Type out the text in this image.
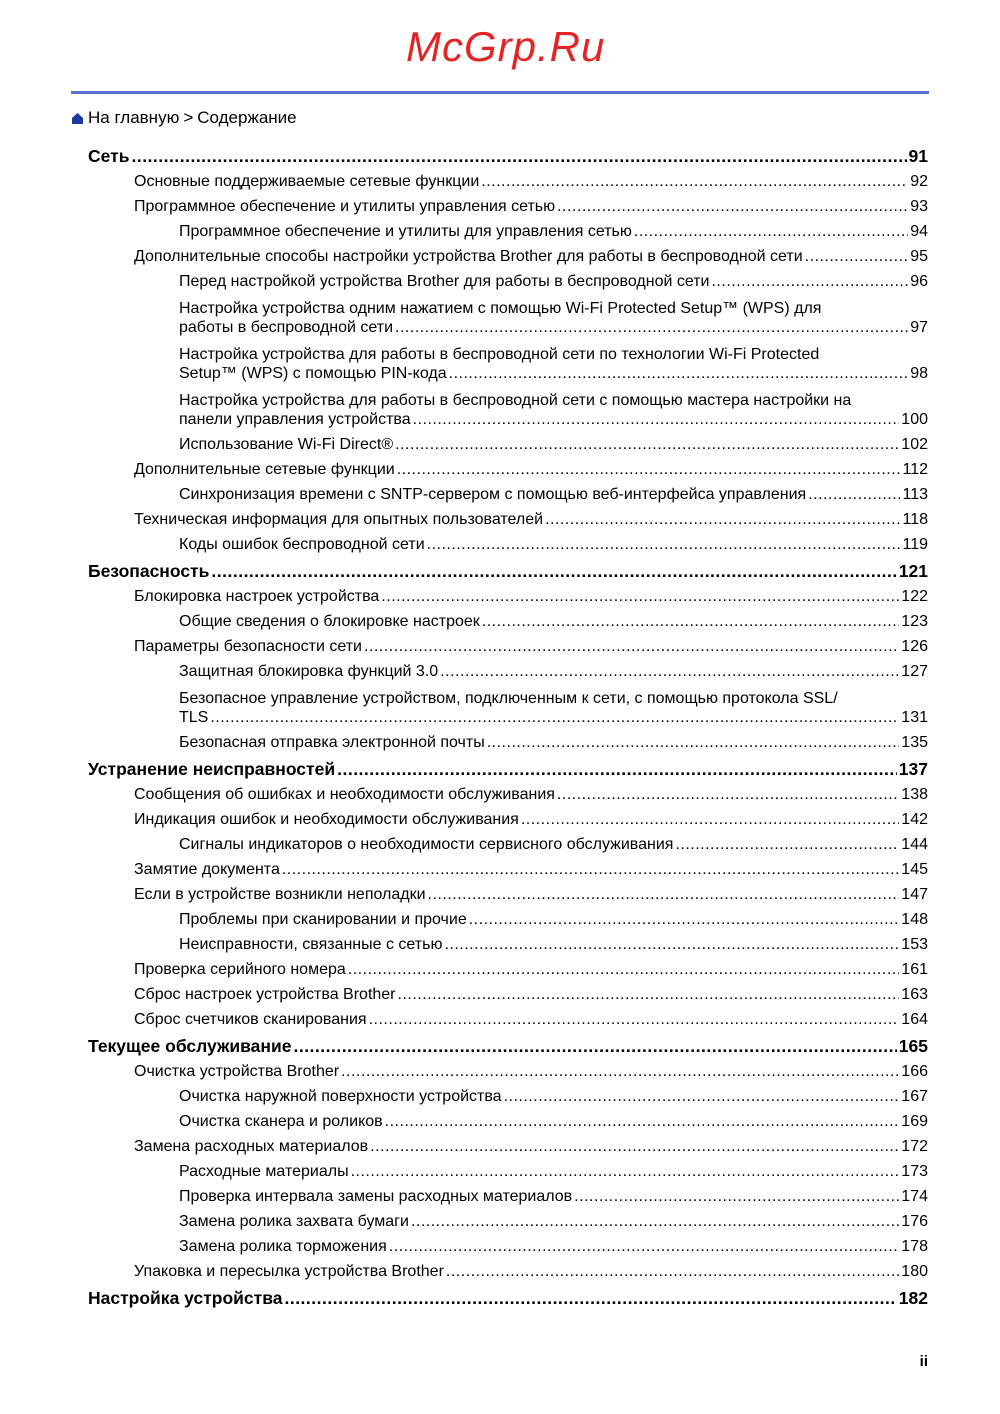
McGrp.Ru
На главную > Содержание
Сеть .....	91
Основные поддерживаемые сетевые функции .....	92
Программное обеспечение и утилиты управления сетью .....	93
Программное обеспечение и утилиты для управления сетью .....	94
Дополнительные способы настройки устройства Brother для работы в беспроводной сети .....	95
Перед настройкой устройства Brother для работы в беспроводной сети .....	96
Настройка устройства одним нажатием с помощью Wi-Fi Protected Setup™ (WPS) для
работы в беспроводной сети .....	97
Настройка устройства для работы в беспроводной сети по технологии Wi-Fi Protected
Setup™ (WPS) с помощью PIN-кода .....	98
Настройка устройства для работы в беспроводной сети с помощью мастера настройки на
панели управления устройства .....	100
Использование Wi-Fi Direct® .....	102
Дополнительные сетевые функции .....	112
Синхронизация времени с SNTP-сервером с помощью веб-интерфейса управления .....	113
Техническая информация для опытных пользователей .....	118
Коды ошибок беспроводной сети .....	119
Безопасность .....	121
Блокировка настроек устройства .....	122
Общие сведения о блокировке настроек .....	123
Параметры безопасности сети .....	126
Защитная блокировка функций 3.0 .....	127
Безопасное управление устройством, подключенным к сети, с помощью протокола SSL/
TLS .....	131
Безопасная отправка электронной почты .....	135
Устранение неисправностей .....	137
Сообщения об ошибках и необходимости обслуживания .....	138
Индикация ошибок и необходимости обслуживания .....	142
Сигналы индикаторов о необходимости сервисного обслуживания .....	144
Замятие документа .....	145
Если в устройстве возникли неполадки .....	147
Проблемы при сканировании и прочие .....	148
Неисправности, связанные с сетью .....	153
Проверка серийного номера .....	161
Сброс настроек устройства Brother .....	163
Сброс счетчиков сканирования .....	164
Текущее обслуживание .....	165
Очистка устройства Brother .....	166
Очистка наружной поверхности устройства .....	167
Очистка сканера и роликов .....	169
Замена расходных материалов .....	172
Расходные материалы .....	173
Проверка интервала замены расходных материалов .....	174
Замена ролика захвата бумаги .....	176
Замена ролика торможения .....	178
Упаковка и пересылка устройства Brother .....	180
Настройка устройства .....	182
ii
